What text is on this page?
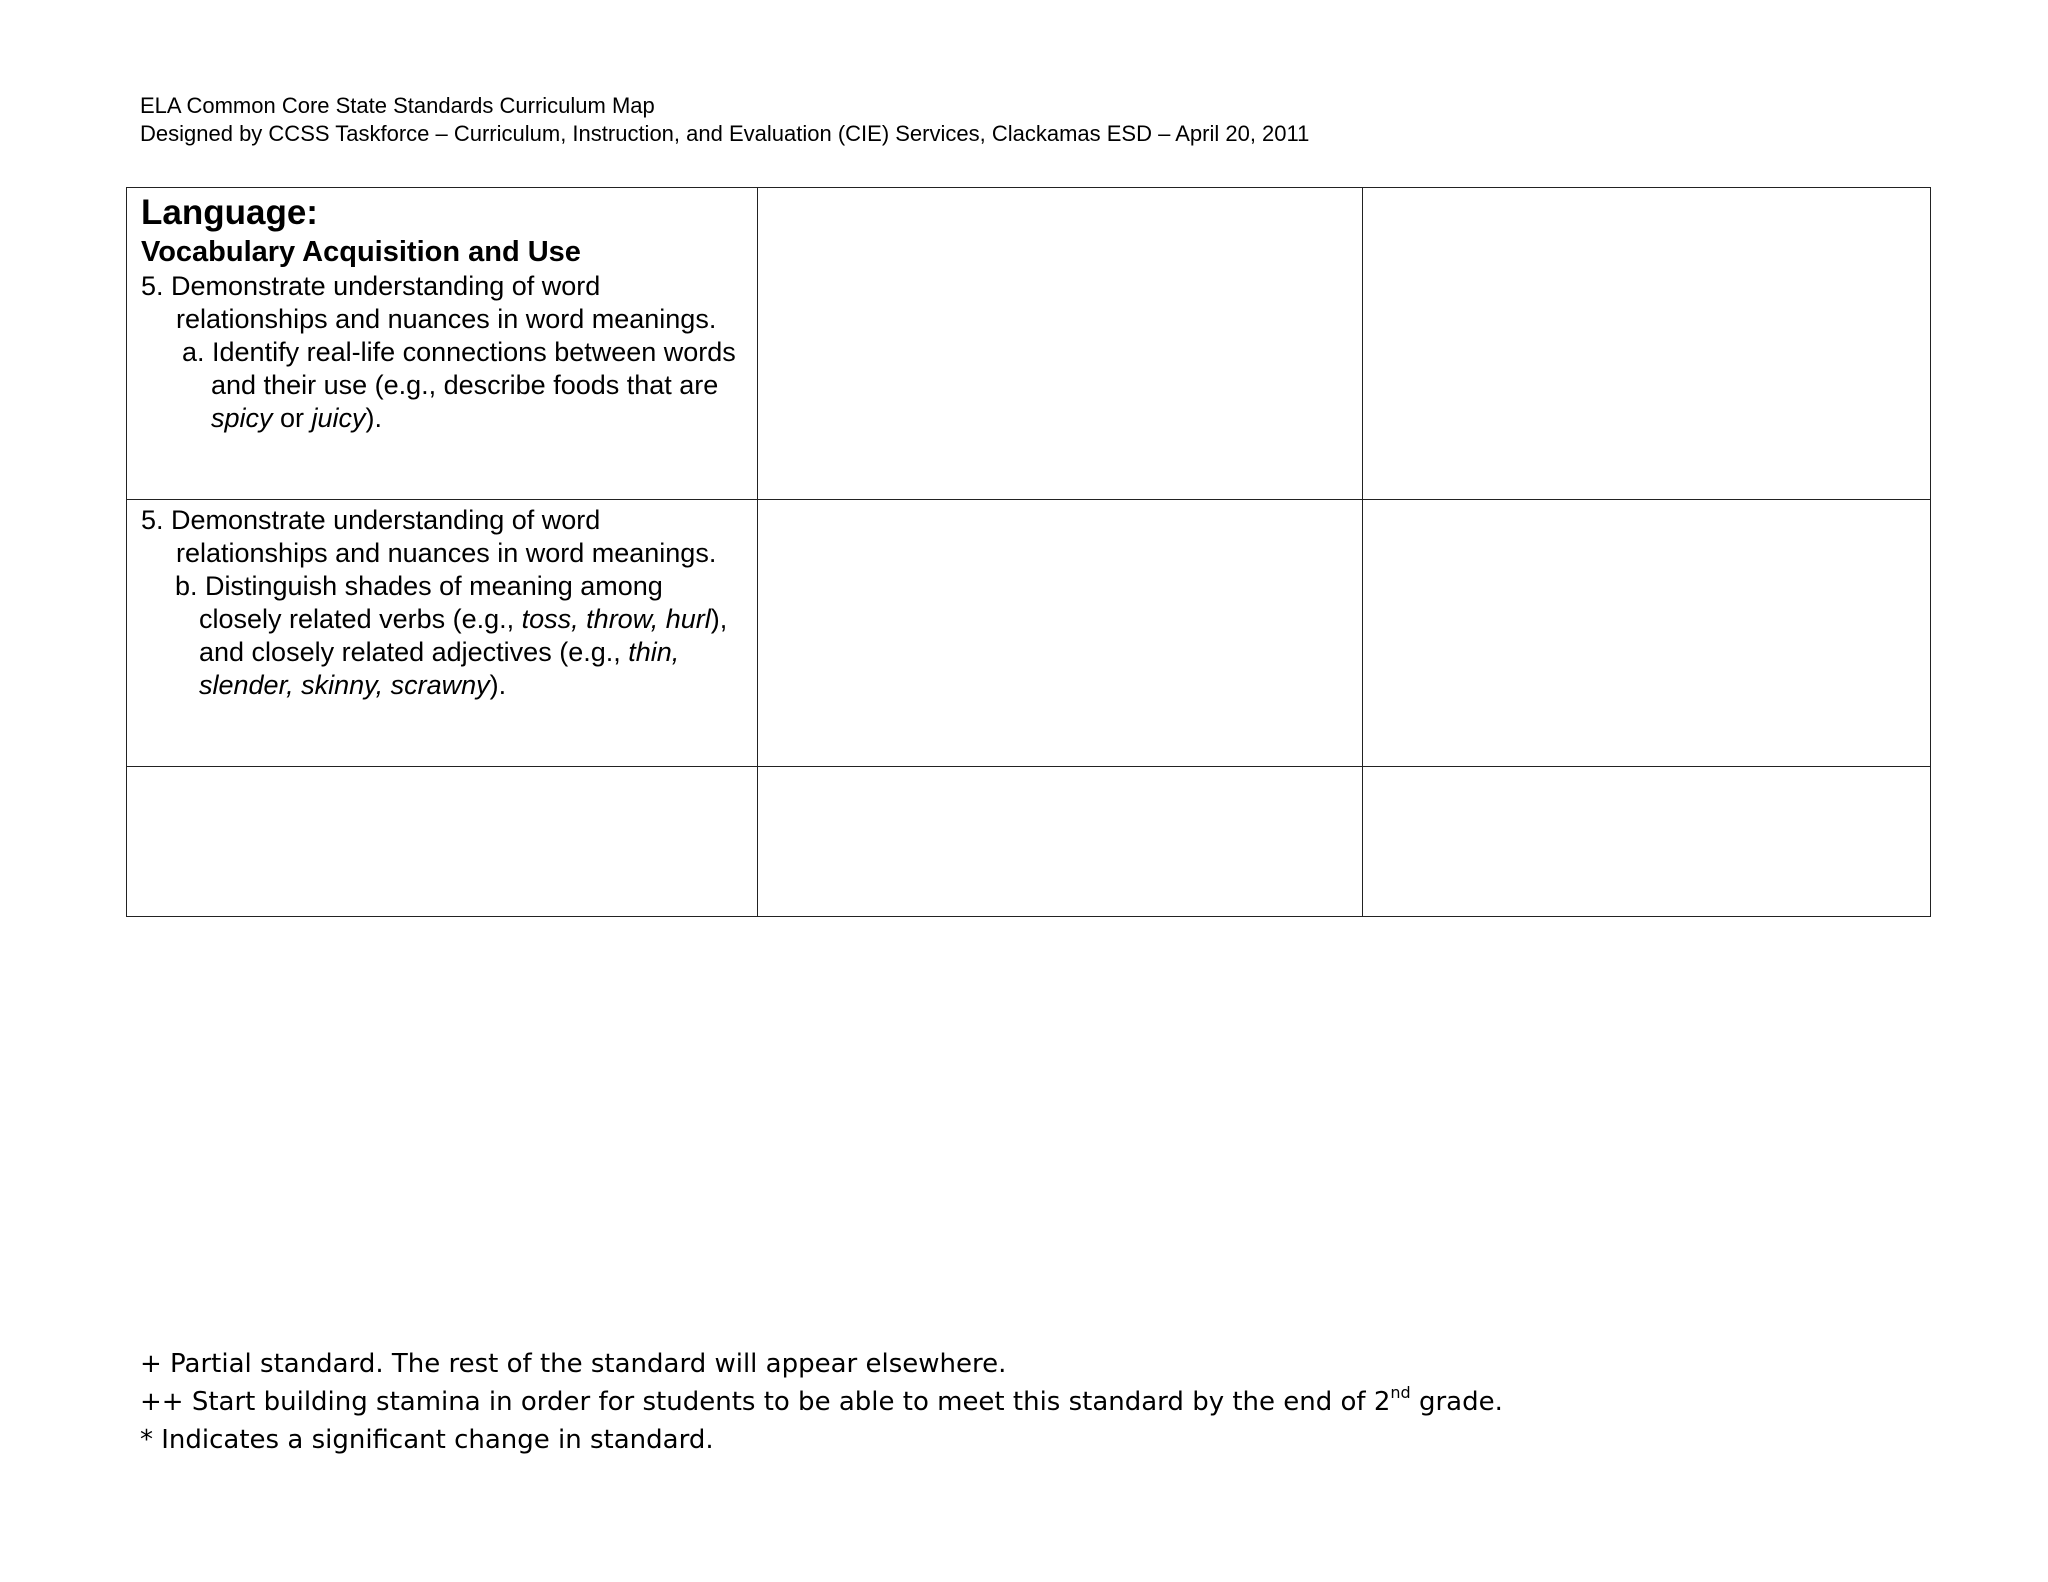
ELA Common Core State Standards Curriculum Map
Designed by CCSS Taskforce – Curriculum, Instruction, and Evaluation (CIE) Services, Clackamas ESD – April 20, 2011
Language:
Vocabulary Acquisition and Use
5. Demonstrate understanding of word relationships and nuances in word meanings.
a. Identify real-life connections between words and their use (e.g., describe foods that are spicy or juicy).		

5. Demonstrate understanding of word relationships and nuances in word meanings.
b. Distinguish shades of meaning among closely related verbs (e.g., toss, throw, hurl), and closely related adjectives (e.g., thin, slender, skinny, scrawny).		

+ Partial standard. The rest of the standard will appear elsewhere.
++ Start building stamina in order for students to be able to meet this standard by the end of 2nd grade.
* Indicates a significant change in standard.
